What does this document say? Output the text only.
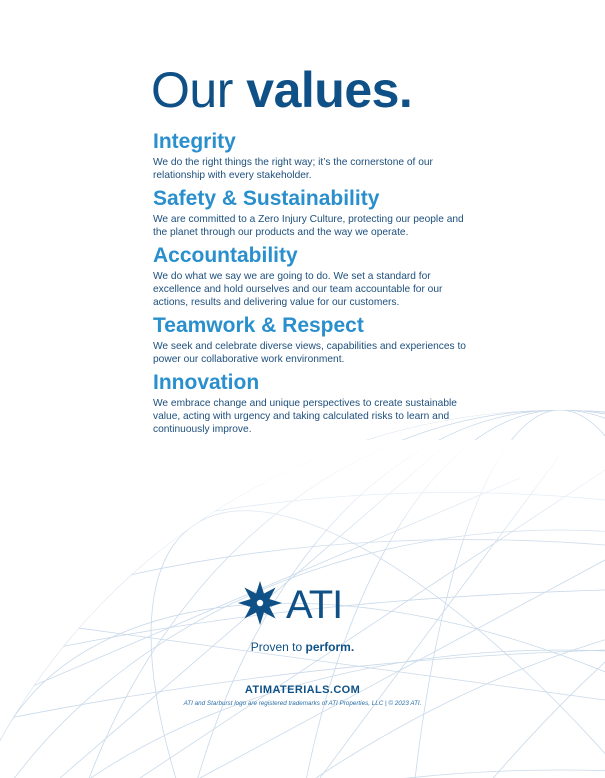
Our values.
Integrity

We do the right things the right way; it’s the cornerstone of our relationship with every stakeholder.

Safety & Sustainability

We are committed to a Zero Injury Culture, protecting our people and the planet through our products and the way we operate.

Accountability

We do what we say we are going to do. We set a standard for excellence and hold ourselves and our team accountable for our actions, results and delivering value for our customers.

Teamwork & Respect

We seek and celebrate diverse views, capabilities and experiences to power our collaborative work environment.

Innovation

We embrace change and unique perspectives to create sustainable value, acting with urgency and taking calculated risks to learn and continuously improve.

ATI
Proven to perform.
ATIMATERIALS.COM
ATI and Starburst logo are registered trademarks of ATI Properties, LLC | © 2023 ATI.
